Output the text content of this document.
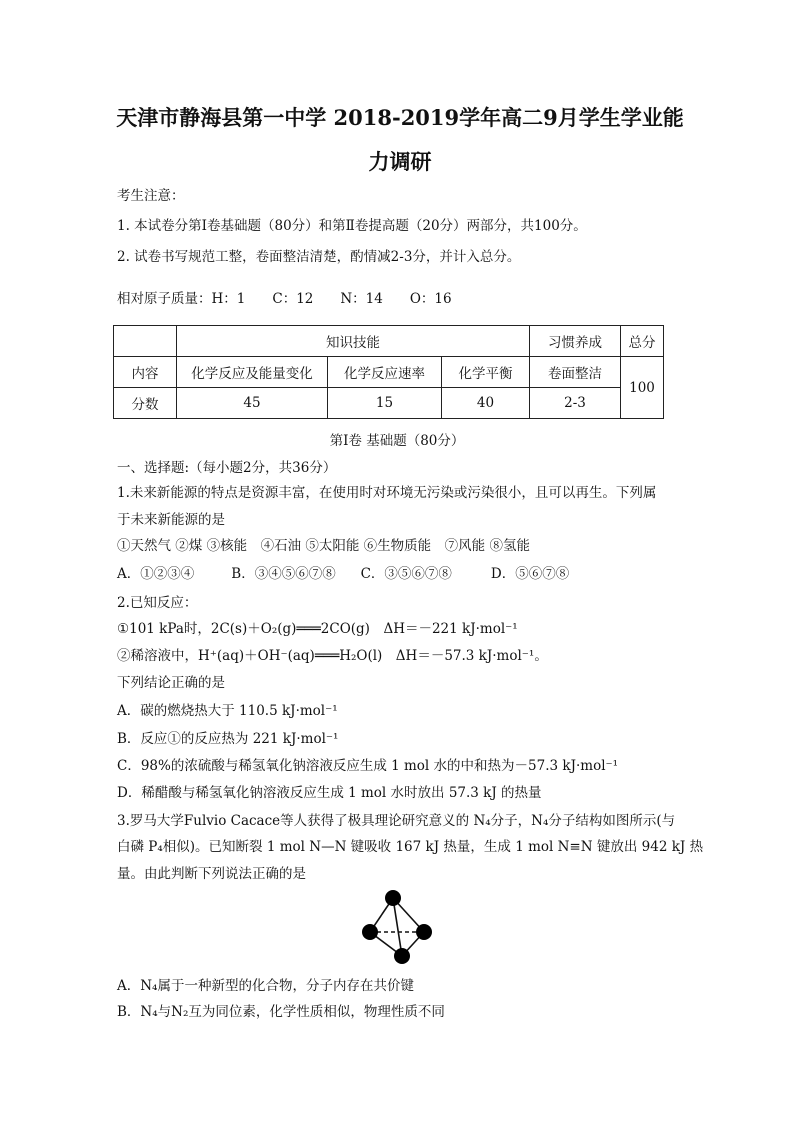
天津市静海县第一中学 2018-2019学年高二9月学生学业能
力调研
考生注意：
1. 本试卷分第Ⅰ卷基础题（80分）和第Ⅱ卷提高题（20分）两部分，共100分。
2. 试卷书写规范工整，卷面整洁清楚，酌情减2-3分，并计入总分。
相对原子质量：H：1　　C：12　　N：14　　O：16
	知识技能			习惯养成	总分
内容	化学反应及能量变化	化学反应速率	化学平衡	卷面整洁	100
分数	45	15	40	2-3	
第Ⅰ卷 基础题（80分）
一、选择题:（每小题2分，共36分）
1.未来新能源的特点是资源丰富，在使用时对环境无污染或污染很小，且可以再生。下列属
于未来新能源的是
①天然气 ②煤 ③核能　④石油 ⑤太阳能 ⑥生物质能　⑦风能 ⑧氢能
A．①②③④	B．③④⑤⑥⑦⑧ C．③⑤⑥⑦⑧	D．⑤⑥⑦⑧
2.已知反应：
①101 kPa时，2C(s)＋O₂(g)═══2CO(g)　ΔH＝－221 kJ·mol⁻¹
②稀溶液中，H⁺(aq)＋OH⁻(aq)═══H₂O(l)　ΔH＝－57.3 kJ·mol⁻¹。
下列结论正确的是
A．碳的燃烧热大于 110.5 kJ·mol⁻¹
B．反应①的反应热为 221 kJ·mol⁻¹
C．98%的浓硫酸与稀氢氧化钠溶液反应生成 1 mol 水的中和热为－57.3 kJ·mol⁻¹
D．稀醋酸与稀氢氧化钠溶液反应生成 1 mol 水时放出 57.3 kJ 的热量
3.罗马大学Fulvio Cacace等人获得了极具理论研究意义的 N₄分子，N₄分子结构如图所示(与
白磷 P₄相似)。已知断裂 1 mol N—N 键吸收 167 kJ 热量，生成 1 mol N≡N 键放出 942 kJ 热
量。由此判断下列说法正确的是
A．N₄属于一种新型的化合物，分子内存在共价键
B．N₄与N₂互为同位素，化学性质相似，物理性质不同
